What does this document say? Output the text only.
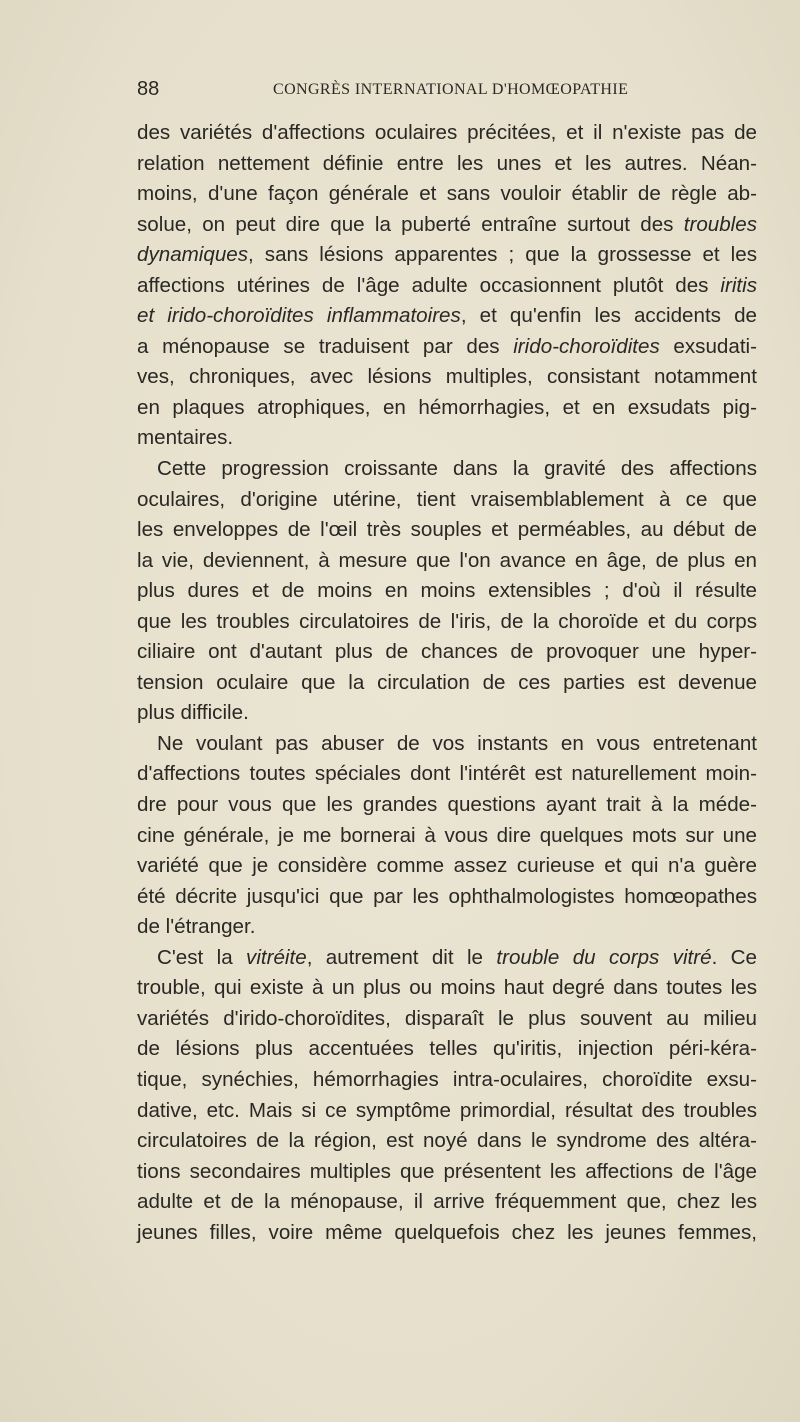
88	CONGRÈS INTERNATIONAL D'HOMŒOPATHIE

des variétés d'affections oculaires précitées, et il n'existe pas de
relation nettement définie entre les unes et les autres. Néan-
moins, d'une façon générale et sans vouloir établir de règle ab-
solue, on peut dire que la puberté entraîne surtout des troubles
dynamiques, sans lésions apparentes ; que la grossesse et les
affections utérines de l'âge adulte occasionnent plutôt des iritis
et irido-choroïdites inflammatoires, et qu'enfin les accidents de
a ménopause se traduisent par des irido-choroïdites exsudati-
ves, chroniques, avec lésions multiples, consistant notamment
en plaques atrophiques, en hémorrhagies, et en exsudats pig-
mentaires.

Cette progression croissante dans la gravité des affections
oculaires, d'origine utérine, tient vraisemblablement à ce que
les enveloppes de l'œil très souples et perméables, au début de
la vie, deviennent, à mesure que l'on avance en âge, de plus en
plus dures et de moins en moins extensibles ; d'où il résulte
que les troubles circulatoires de l'iris, de la choroïde et du corps
ciliaire ont d'autant plus de chances de provoquer une hyper-
tension oculaire que la circulation de ces parties est devenue
plus difficile.

Ne voulant pas abuser de vos instants en vous entretenant
d'affections toutes spéciales dont l'intérêt est naturellement moin-
dre pour vous que les grandes questions ayant trait à la méde-
cine générale, je me bornerai à vous dire quelques mots sur une
variété que je considère comme assez curieuse et qui n'a guère
été décrite jusqu'ici que par les ophthalmologistes homœopathes
de l'étranger.

C'est la vitréite, autrement dit le trouble du corps vitré. Ce
trouble, qui existe à un plus ou moins haut degré dans toutes les
variétés d'irido-choroïdites, disparaît le plus souvent au milieu
de lésions plus accentuées telles qu'iritis, injection péri-kéra-
tique, synéchies, hémorrhagies intra-oculaires, choroïdite exsu-
dative, etc. Mais si ce symptôme primordial, résultat des troubles
circulatoires de la région, est noyé dans le syndrome des altéra-
tions secondaires multiples que présentent les affections de l'âge
adulte et de la ménopause, il arrive fréquemment que, chez les
jeunes filles, voire même quelquefois chez les jeunes femmes,
